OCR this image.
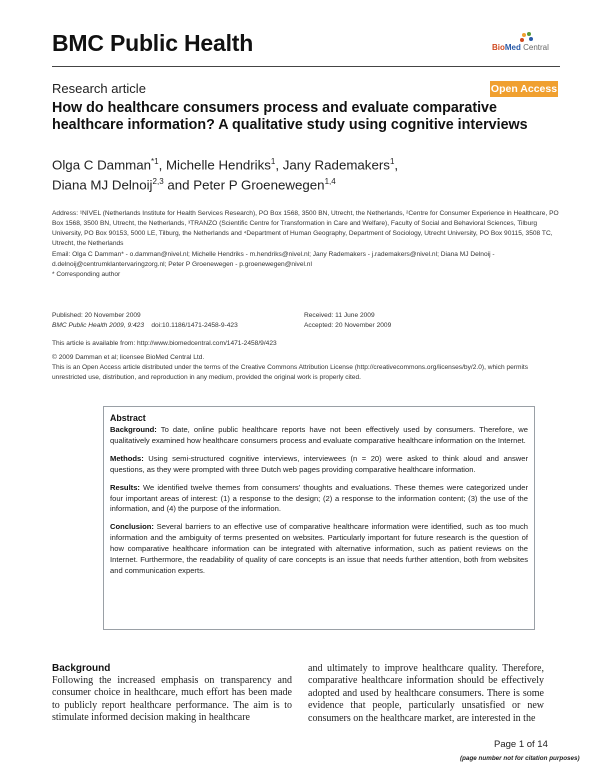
BMC Public Health	BioMed Central
Research article	Open Access
How do healthcare consumers process and evaluate comparative healthcare information? A qualitative study using cognitive interviews
Olga C Damman$^{*1}$, Michelle Hendriks$^1$, Jany Rademakers$^1$,
Diana MJ Delnoij$^{2,3}$ and Peter P Groenewegen$^{1,4}$
Address: ¹NIVEL (Netherlands Institute for Health Services Research), PO Box 1568, 3500 BN, Utrecht, the Netherlands, ²Centre for Consumer Experience in Healthcare, PO Box 1568, 3500 BN, Utrecht, the Netherlands, ³TRANZO (Scientific Centre for Transformation in Care and Welfare), Faculty of Social and Behavioral Sciences, Tilburg University, PO Box 90153, 5000 LE, Tilburg, the Netherlands and ⁴Department of Human Geography, Department of Sociology, Utrecht University, PO Box 90115, 3508 TC, Utrecht, the Netherlands
Email: Olga C Damman* - o.damman@nivel.nl; Michelle Hendriks - m.hendriks@nivel.nl; Jany Rademakers - j.rademakers@nivel.nl; Diana MJ Delnoij - d.delnoij@centrumklantervaringzorg.nl; Peter P Groenewegen - p.groenewegen@nivel.nl
* Corresponding author
Published: 20 November 2009
BMC Public Health 2009, 9:423 doi:10.1186/1471-2458-9-423
Received: 11 June 2009
Accepted: 20 November 2009
This article is available from: http://www.biomedcentral.com/1471-2458/9/423
© 2009 Damman et al; licensee BioMed Central Ltd.
This is an Open Access article distributed under the terms of the Creative Commons Attribution License (http://creativecommons.org/licenses/by/2.0), which permits unrestricted use, distribution, and reproduction in any medium, provided the original work is properly cited.
Abstract

Background: To date, online public healthcare reports have not been effectively used by consumers. Therefore, we qualitatively examined how healthcare consumers process and evaluate comparative healthcare information on the Internet.

Methods: Using semi-structured cognitive interviews, interviewees (n = 20) were asked to think aloud and answer questions, as they were prompted with three Dutch web pages providing comparative healthcare information.

Results: We identified twelve themes from consumers' thoughts and evaluations. These themes were categorized under four important areas of interest: (1) a response to the design; (2) a response to the information content; (3) the use of the information, and (4) the purpose of the information.

Conclusion: Several barriers to an effective use of comparative healthcare information were identified, such as too much information and the ambiguity of terms presented on websites. Particularly important for future research is the question of how comparative healthcare information can be integrated with alternative information, such as patient reviews on the Internet. Furthermore, the readability of quality of care concepts is an issue that needs further attention, both from websites and communication experts.

Background
Following the increased emphasis on transparency and consumer choice in healthcare, much effort has been made to publicly report healthcare performance. The aim is to stimulate informed decision making in healthcare
and ultimately to improve healthcare quality. Therefore, comparative healthcare information should be effectively adopted and used by healthcare consumers. There is some evidence that people, particularly unsatisfied or new consumers on the healthcare market, are interested in the
Page 1 of 14
(page number not for citation purposes)
